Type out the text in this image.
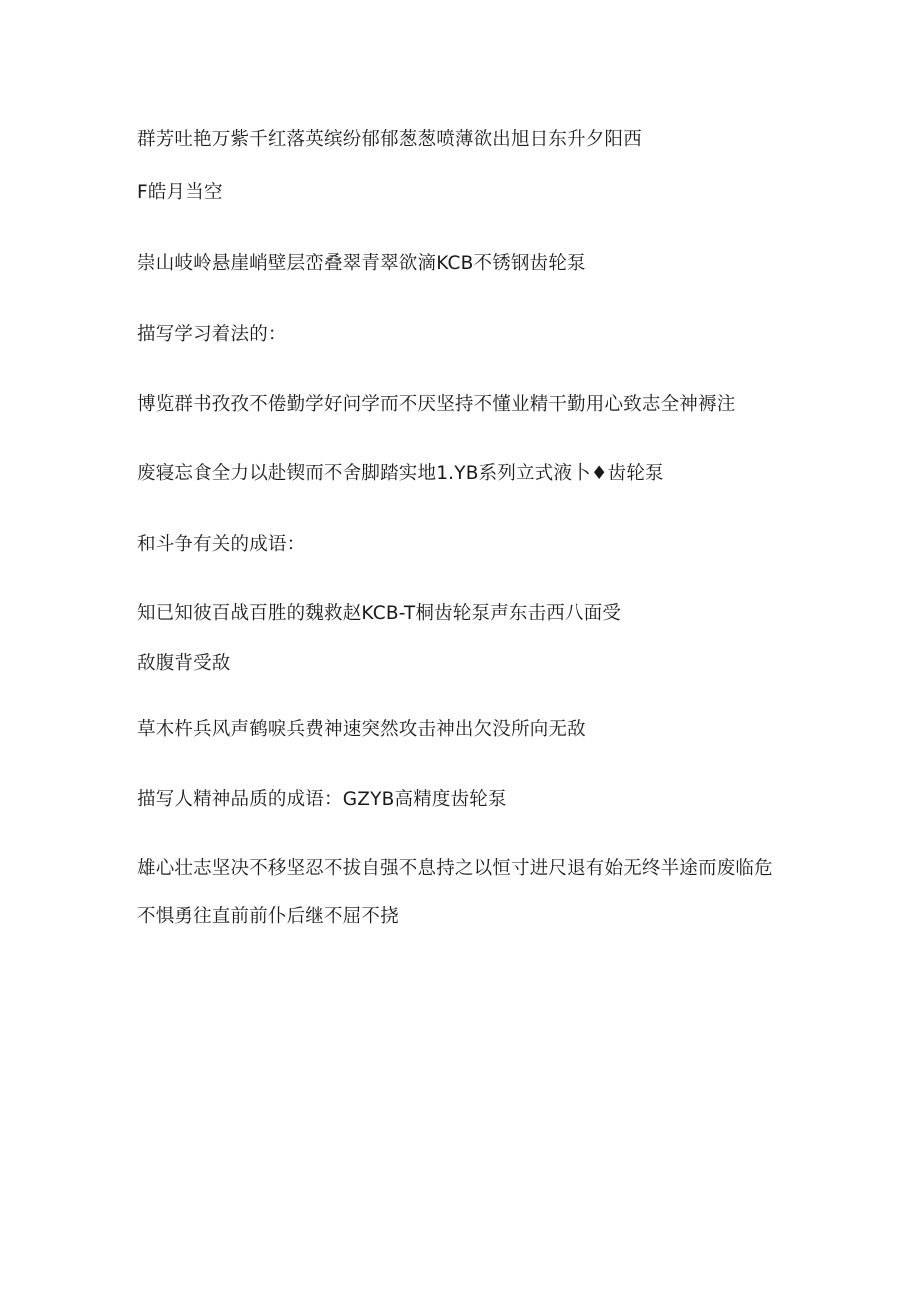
群芳吐艳万紫千红落英缤纷郁郁葱葱喷薄欲出旭日东升夕阳西
F皓月当空
崇山岐岭悬崖峭壁层峦叠翠青翠欲滴KCB不锈钢齿轮泵
描写学习着法的：
博览群书孜孜不倦勤学好问学而不厌坚持不懂业精干勤用心致志全神褥注
废寝忘食全力以赴锲而不舍脚踏实地1.YB系列立式液卜♦齿轮泵
和斗争有关的成语：
知已知彼百战百胜的魏救赵KCB-T桐齿轮泵声东击西八面受
敌腹背受敌
草木杵兵风声鹤唳兵费神速突然攻击神出欠没所向无敌
描写人精神品质的成语：GZYB高精度齿轮泵
雄心壮志坚决不移坚忍不拔自强不息持之以恒寸进尺退有始无终半途而废临危
不惧勇往直前前仆后继不屈不挠
